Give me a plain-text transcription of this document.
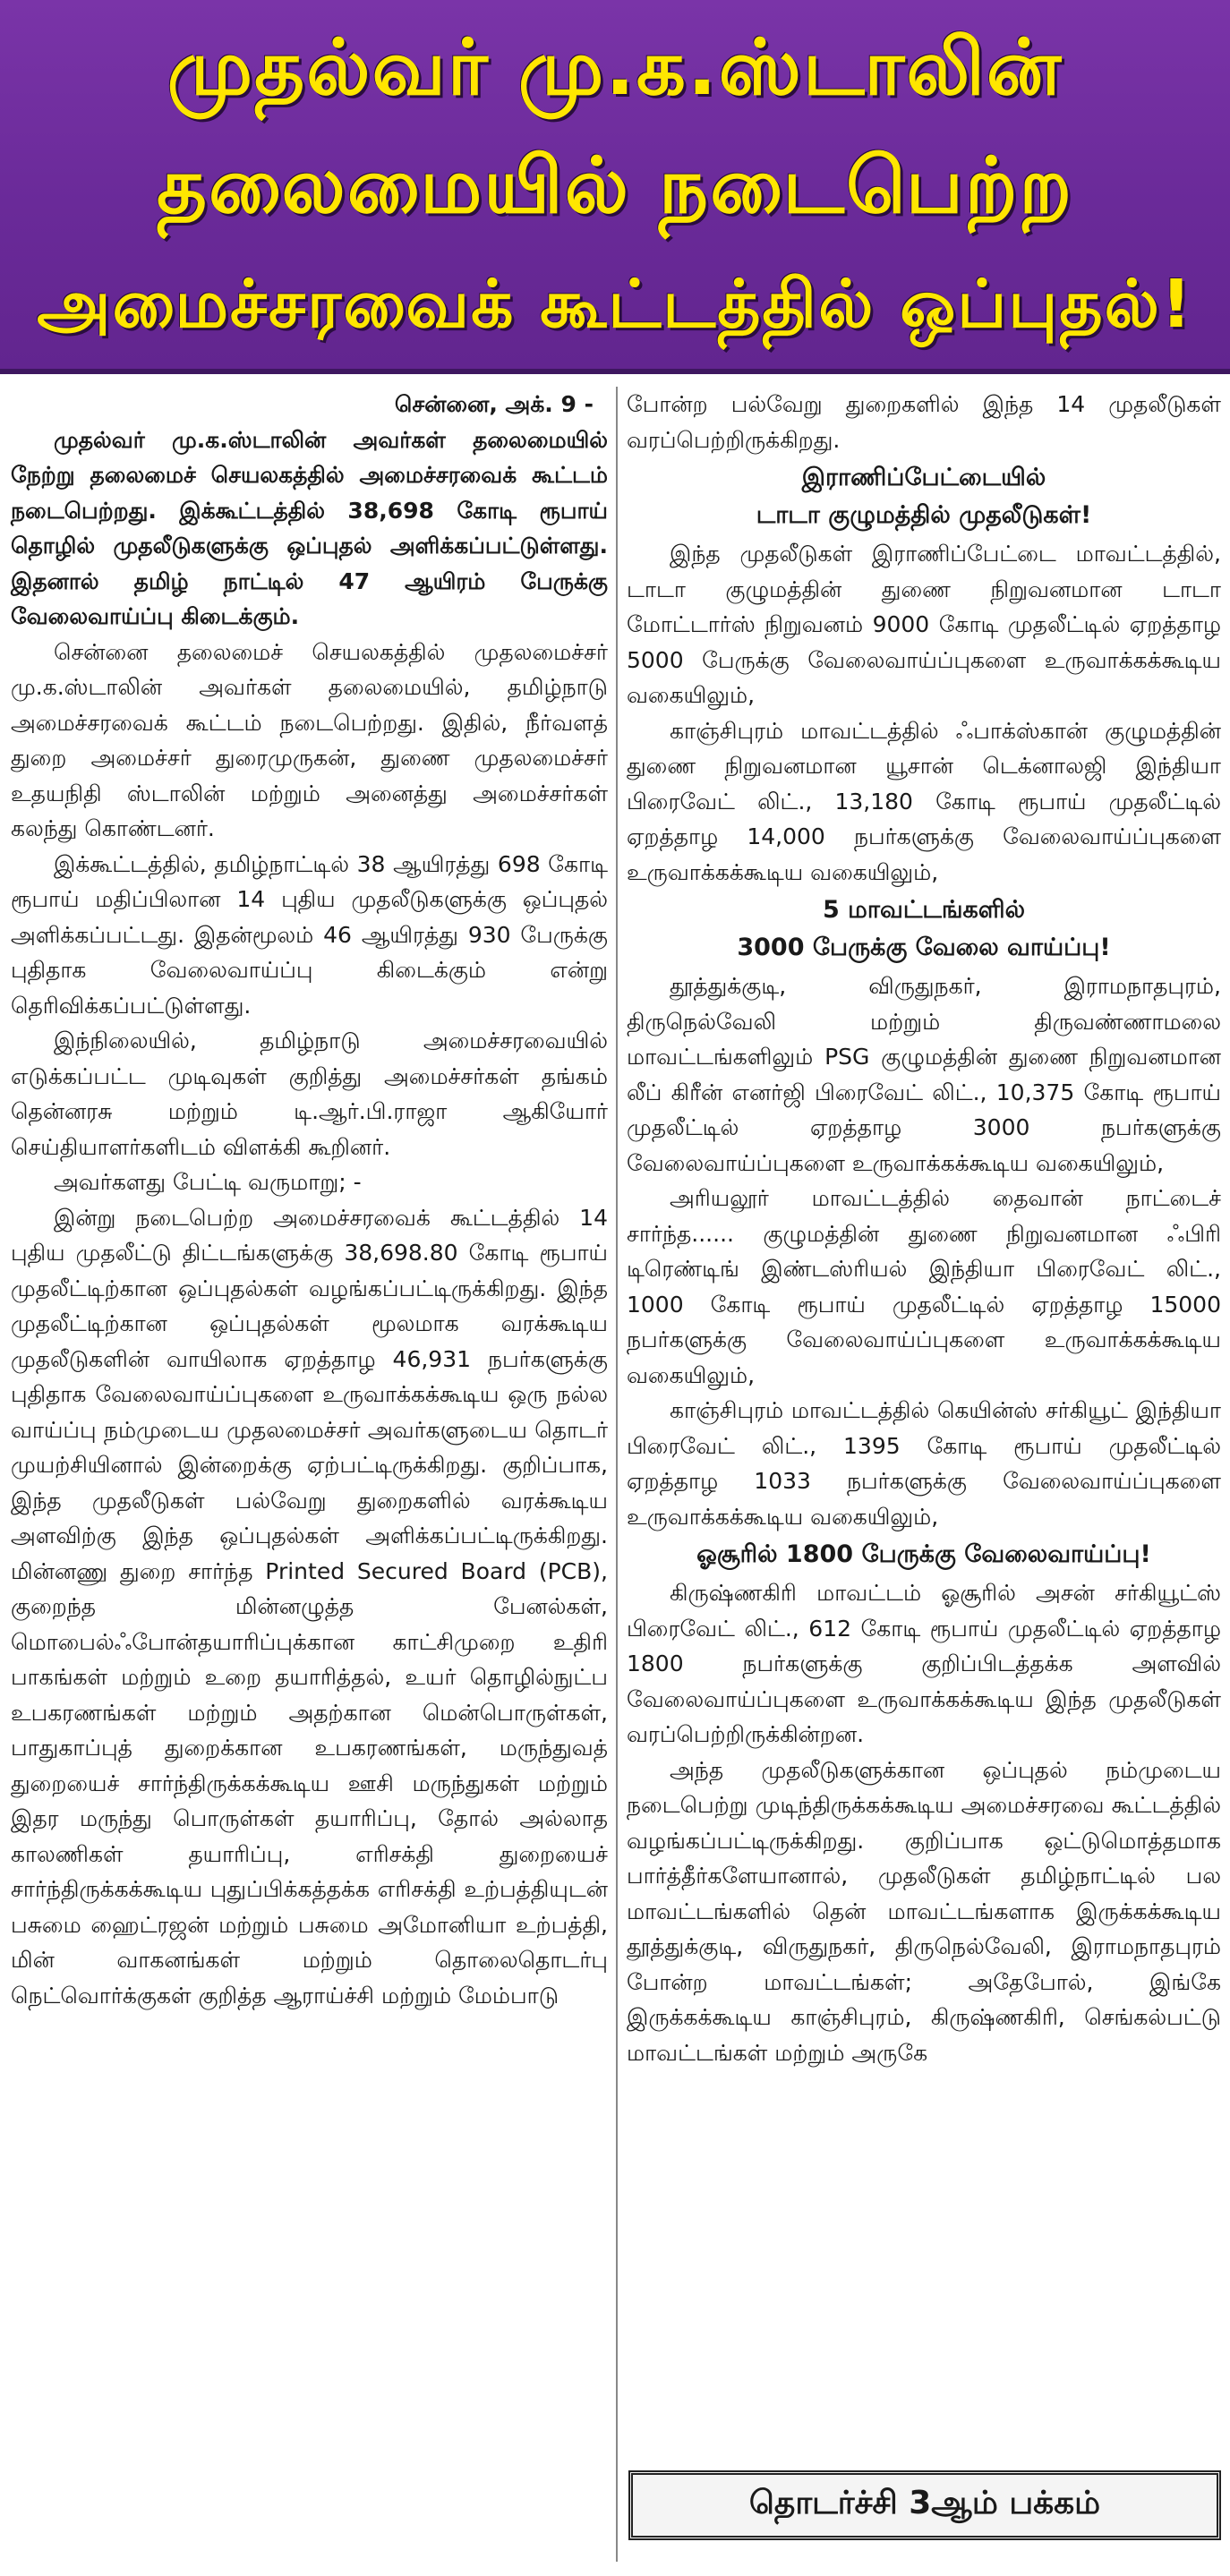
முதல்வர் மு.க.ஸ்டாலின்
தலைமையில் நடைபெற்ற
அமைச்சரவைக் கூட்டத்தில் ஒப்புதல்!

சென்னை, அக். 9 -

முதல்வர் மு.க.ஸ்டாலின் அவர்கள் தலைமையில் நேற்று தலைமைச் செயலகத்தில் அமைச்சரவைக் கூட்டம் நடைபெற்றது. இக்கூட்டத்தில் 38,698 கோடி ரூபாய் தொழில் முதலீடுகளுக்கு ஒப்புதல் அளிக்கப்பட்டுள்ளது. இதனால் தமிழ் நாட்டில் 47 ஆயிரம் பேருக்கு வேலைவாய்ப்பு கிடைக்கும்.

சென்னை தலைமைச் செயலகத்தில் முதலமைச்சர் மு.க.ஸ்டாலின் அவர்கள் தலைமையில், தமிழ்நாடு அமைச்சரவைக் கூட்டம் நடைபெற்றது. இதில், நீர்வளத் துறை அமைச்சர் துரைமுருகன், துணை முதலமைச்சர் உதயநிதி ஸ்டாலின் மற்றும் அனைத்து அமைச்சர்கள் கலந்து கொண்டனர்.

இக்கூட்டத்தில், தமிழ்நாட்டில் 38 ஆயிரத்து 698 கோடி ரூபாய் மதிப்பிலான 14 புதிய முதலீடுகளுக்கு ஒப்புதல் அளிக்கப்பட்டது. இதன்மூலம் 46 ஆயிரத்து 930 பேருக்கு புதிதாக வேலைவாய்ப்பு கிடைக்கும் என்று தெரிவிக்கப்பட்டுள்ளது.

இந்நிலையில், தமிழ்நாடு அமைச்சரவையில் எடுக்கப்பட்ட முடிவுகள் குறித்து அமைச்சர்கள் தங்கம் தென்னரசு மற்றும் டி.ஆர்.பி.ராஜா ஆகியோர் செய்தியாளர்களிடம் விளக்கி கூறினர்.

அவர்களது பேட்டி வருமாறு; -

இன்று நடைபெற்ற அமைச்சரவைக் கூட்டத்தில் 14 புதிய முதலீட்டு திட்டங்களுக்கு 38,698.80 கோடி ரூபாய் முதலீட்டிற்கான ஒப்புதல்கள் வழங்கப்பட்டிருக்கிறது. இந்த முதலீட்டிற்கான ஒப்புதல்கள் மூலமாக வரக்கூடிய முதலீடுகளின் வாயிலாக ஏறத்தாழ 46,931 நபர்களுக்கு புதிதாக வேலைவாய்ப்புகளை உருவாக்கக்கூடிய ஒரு நல்ல வாய்ப்பு நம்முடைய முதலமைச்சர் அவர்களுடைய தொடர் முயற்சியினால் இன்றைக்கு ஏற்பட்டிருக்கிறது. குறிப்பாக, இந்த முதலீடுகள் பல்வேறு துறைகளில் வரக்கூடிய அளவிற்கு இந்த ஒப்புதல்கள் அளிக்கப்பட்டிருக்கிறது. மின்னணு துறை சார்ந்த Printed Secured Board (PCB), குறைந்த மின்னழுத்த பேனல்கள், மொபைல்ஃபோன்தயாரிப்புக்கான காட்சிமுறை உதிரி பாகங்கள் மற்றும் உறை தயாரித்தல், உயர் தொழில்நுட்ப உபகரணங்கள் மற்றும் அதற்கான மென்பொருள்கள், பாதுகாப்புத் துறைக்கான உபகரணங்கள், மருந்துவத் துறையைச் சார்ந்திருக்கக்கூடிய ஊசி மருந்துகள் மற்றும் இதர மருந்து பொருள்கள் தயாரிப்பு, தோல் அல்லாத காலணிகள் தயாரிப்பு, எரிசக்தி துறையைச் சார்ந்திருக்கக்கூடிய புதுப்பிக்கத்தக்க எரிசக்தி உற்பத்தியுடன் பசுமை ஹைட்ரஜன் மற்றும் பசுமை அமோனியா உற்பத்தி, மின் வாகனங்கள் மற்றும் தொலைதொடர்பு நெட்வொர்க்குகள் குறித்த ஆராய்ச்சி மற்றும் மேம்பாடு

போன்ற பல்வேறு துறைகளில் இந்த 14 முதலீடுகள் வரப்பெற்றிருக்கிறது.

இராணிப்பேட்டையில்
டாடா குழுமத்தில் முதலீடுகள்!

இந்த முதலீடுகள் இராணிப்பேட்டை மாவட்டத்தில், டாடா குழுமத்தின் துணை நிறுவனமான டாடா மோட்டார்ஸ் நிறுவனம் 9000 கோடி முதலீட்டில் ஏறத்தாழ 5000 பேருக்கு வேலைவாய்ப்புகளை உருவாக்கக்கூடிய வகையிலும்,

காஞ்சிபுரம் மாவட்டத்தில் ஃபாக்ஸ்கான் குழுமத்தின் துணை நிறுவனமான யூசான் டெக்னாலஜி இந்தியா பிரைவேட் லிட்., 13,180 கோடி ரூபாய் முதலீட்டில் ஏறத்தாழ 14,000 நபர்களுக்கு வேலைவாய்ப்புகளை உருவாக்கக்கூடிய வகையிலும்,

5 மாவட்டங்களில்
3000 பேருக்கு வேலை வாய்ப்பு!

தூத்துக்குடி, விருதுநகர், இராமநாதபுரம், திருநெல்வேலி மற்றும் திருவண்ணாமலை மாவட்டங்களிலும் PSG குழுமத்தின் துணை நிறுவனமான லீப் கிரீன் எனர்ஜி பிரைவேட் லிட்., 10,375 கோடி ரூபாய் முதலீட்டில் ஏறத்தாழ 3000 நபர்களுக்கு வேலைவாய்ப்புகளை உருவாக்கக்கூடிய வகையிலும்,

அரியலூர் மாவட்டத்தில் தைவான் நாட்டைச் சார்ந்த...... குழுமத்தின் துணை நிறுவனமான ஃபிரி டிரெண்டிங் இண்டஸ்ரியல் இந்தியா பிரைவேட் லிட்., 1000 கோடி ரூபாய் முதலீட்டில் ஏறத்தாழ 15000 நபர்களுக்கு வேலைவாய்ப்புகளை உருவாக்கக்கூடிய வகையிலும்,

காஞ்சிபுரம் மாவட்டத்தில் கெயின்ஸ் சர்கியூட் இந்தியா பிரைவேட் லிட்., 1395 கோடி ரூபாய் முதலீட்டில் ஏறத்தாழ 1033 நபர்களுக்கு வேலைவாய்ப்புகளை உருவாக்கக்கூடிய வகையிலும்,

ஓசூரில் 1800 பேருக்கு வேலைவாய்ப்பு!

கிருஷ்ணகிரி மாவட்டம் ஓசூரில் அசன் சர்கியூட்ஸ் பிரைவேட் லிட்., 612 கோடி ரூபாய் முதலீட்டில் ஏறத்தாழ 1800 நபர்களுக்கு குறிப்பிடத்தக்க அளவில் வேலைவாய்ப்புகளை உருவாக்கக்கூடிய இந்த முதலீடுகள் வரப்பெற்றிருக்கின்றன.

அந்த முதலீடுகளுக்கான ஒப்புதல் நம்முடைய நடைபெற்று முடிந்திருக்கக்கூடிய அமைச்சரவை கூட்டத்தில் வழங்கப்பட்டிருக்கிறது. குறிப்பாக ஒட்டுமொத்தமாக பார்த்தீர்களேயானால், முதலீடுகள் தமிழ்நாட்டில் பல மாவட்டங்களில் தென் மாவட்டங்களாக இருக்கக்கூடிய தூத்துக்குடி, விருதுநகர், திருநெல்வேலி, இராமநாதபுரம் போன்ற மாவட்டங்கள்; அதேபோல், இங்கே இருக்கக்கூடிய காஞ்சிபுரம், கிருஷ்ணகிரி, செங்கல்பட்டு மாவட்டங்கள் மற்றும் அருகே

தொடர்ச்சி 3ஆம் பக்கம்
